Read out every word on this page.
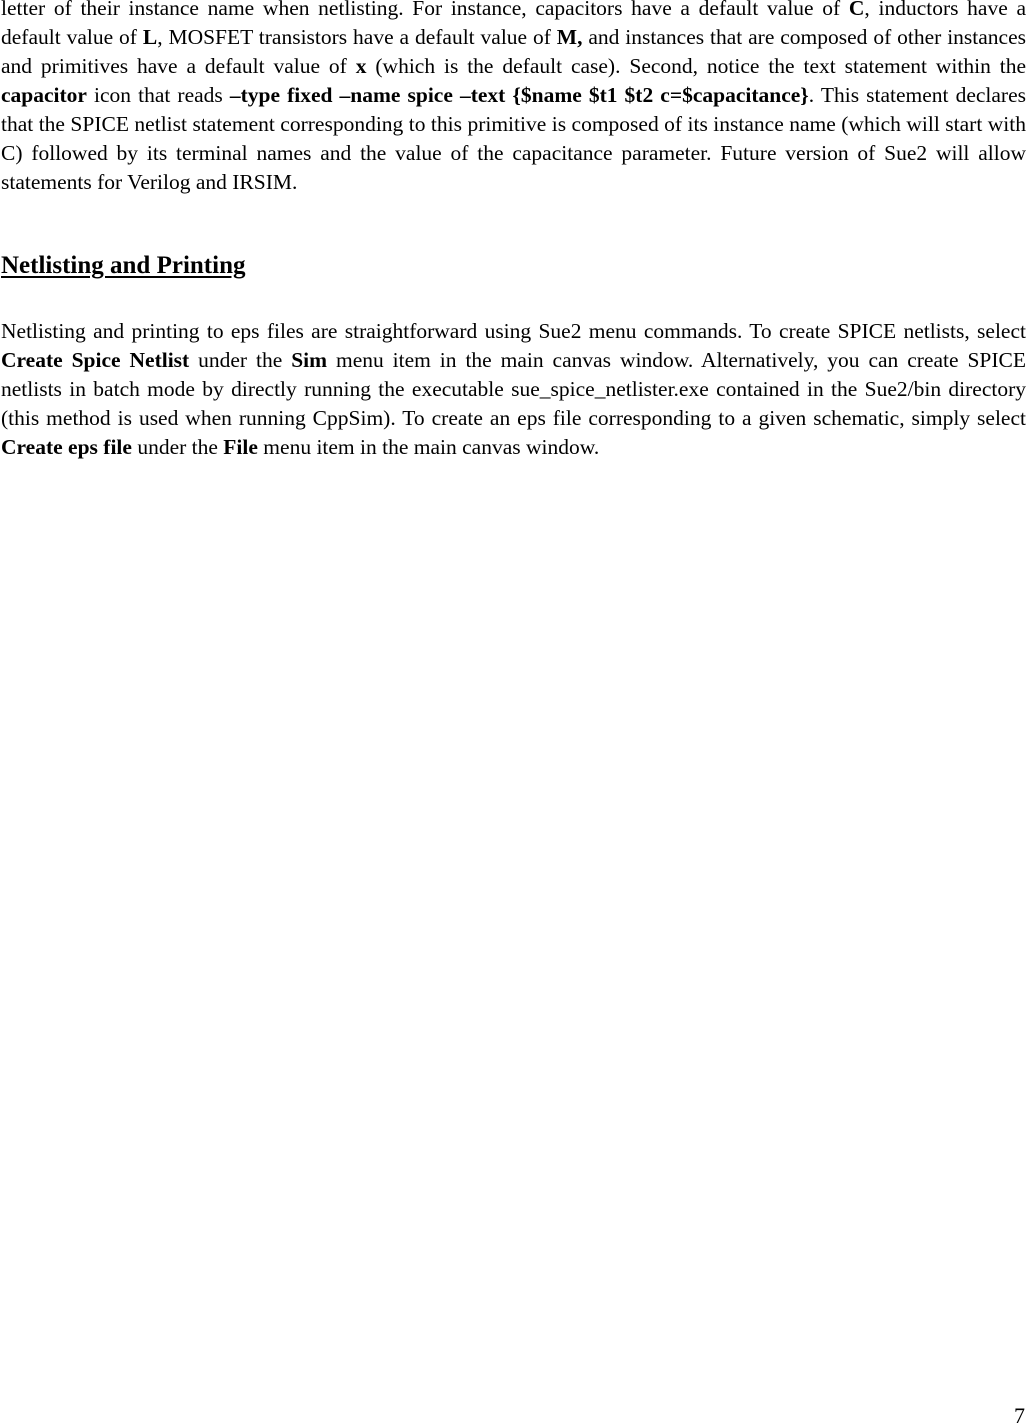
letter of their instance name when netlisting. For instance, capacitors have a default value of C, inductors have a default value of L, MOSFET transistors have a default value of M, and instances that are composed of other instances and primitives have a default value of x (which is the default case). Second, notice the text statement within the capacitor icon that reads –type fixed –name spice –text {$name $t1 $t2 c=$capacitance}. This statement declares that the SPICE netlist statement corresponding to this primitive is composed of its instance name (which will start with C) followed by its terminal names and the value of the capacitance parameter. Future version of Sue2 will allow statements for Verilog and IRSIM.

Netlisting and Printing

Netlisting and printing to eps files are straightforward using Sue2 menu commands. To create SPICE netlists, select Create Spice Netlist under the Sim menu item in the main canvas window. Alternatively, you can create SPICE netlists in batch mode by directly running the executable sue_spice_netlister.exe contained in the Sue2/bin directory (this method is used when running CppSim). To create an eps file corresponding to a given schematic, simply select Create eps file under the File menu item in the main canvas window.

7
